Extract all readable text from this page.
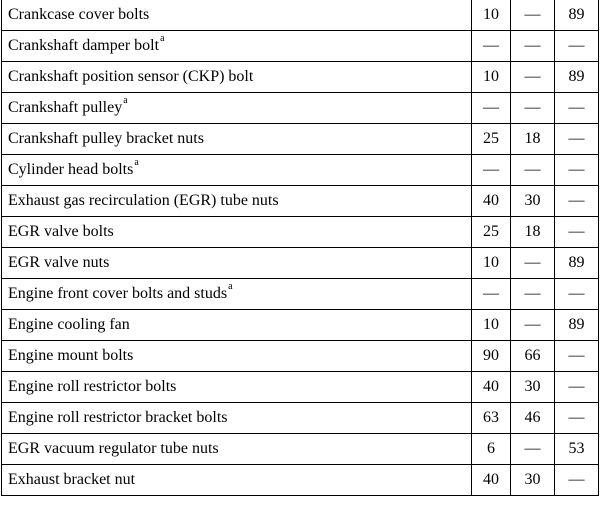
Crankcase cover bolts	10	—	89
Crankshaft damper bolt$^a$	—	—	—
Crankshaft position sensor (CKP) bolt	10	—	89
Crankshaft pulley$^a$	—	—	—
Crankshaft pulley bracket nuts	25	18	—
Cylinder head bolts$^a$	—	—	—
Exhaust gas recirculation (EGR) tube nuts	40	30	—
EGR valve bolts	25	18	—
EGR valve nuts	10	—	89
Engine front cover bolts and studs$^a$	—	—	—
Engine cooling fan	10	—	89
Engine mount bolts	90	66	—
Engine roll restrictor bolts	40	30	—
Engine roll restrictor bracket bolts	63	46	—
EGR vacuum regulator tube nuts	6	—	53
Exhaust bracket nut	40	30	—
